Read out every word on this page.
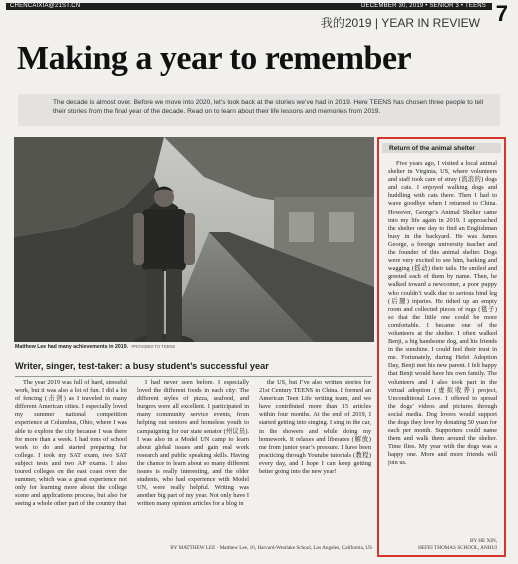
CHENCAIXIA@21ST.CN	DECEMBER 30, 2019 • SENIOR 3 • TEENS 7
我的2019 | YEAR IN REVIEW
Making a year to remember

The decade is almost over. Before we move into 2020, let’s look back at the stories we’ve had in 2019. Here TEENS has chosen three people to tell their stories from the final year of the decade. Read on to learn about their life lessons and memories from 2019.

Matthew Lee had many achievements in 2019. PROVIDED TO TEENS
Writer, singer, test-taker: a busy student’s successful year

The year 2019 was full of hard, stressful work, but it was also a lot of fun. I did a lot of fencing (击剑) as I traveled to many different American cities. I especially loved my summer national competition experience at Columbus, Ohio, where I was able to explore the city because I was there for more than a week. I had tons of school work to do and started preparing for college. I took my SAT exam, two SAT subject tests and two AP exams. I also toured colleges on the east coast over the summer, which was a great experience not only for learning more about the college scene and applications process, but also for seeing a whole other part of the country that

I had never seen before. I especially loved the different foods in each city: The different styles of pizza, seafood, and burgers were all excellent. I participated in many community service events, from helping out seniors and homeless youth to campaigning for our state senator (州议员). I was also in a Model UN camp to learn about global issues and gain real work research and public speaking skills. Having the chance to learn about so many different issues is really interesting, and the older students, who had experience with Model UN, were really helpful. Writing was another big part of my year. Not only have I written many opinion articles for a blog in

the US, but I’ve also written stories for 21st Century TEENS in China. I formed an American Teen Life writing team, and we have contributed more than 15 articles within four months. At the end of 2019, I started getting into singing. I sing in the car, in the showers and while doing my homework. It relaxes and liberates (解放) me from junior year’s pressure. I have been practicing through Youtube tutorials (教程) every day, and I hope I can keep getting better going into the new year!

BY MATTHEW LEE · Matthew Lee, 16, Harvard-Westlake School, Los Angeles, California, US
Return of the animal shelter

Five years ago, I visited a local animal shelter in Virginia, US, where volunteers and staff took care of stray (流浪的) dogs and cats. I enjoyed walking dogs and huddling with cats there. Then I had to wave goodbye when I returned to China. However, George’s Animal Shelter came into my life again in 2019. I approached the shelter one day to find an Englishman busy in the backyard. He was James George, a foreign university teacher and the founder of this animal shelter. Dogs were very excited to see him, barking and wagging (摇动) their tails. He smiled and greeted each of them by name. Then, he walked toward a newcomer, a poor puppy who couldn’t walk due to serious hind leg (后腿) injuries. He tidied up an empty room and collected pieces of rugs (毯子) so that the little one could be more comfortable. I became one of the volunteers at the shelter. I often walked Benji, a big handsome dog, and his friends in the sunshine. I could feel their trust in me. Fortunately, during Hefei Adoption Day, Benji met his new parent. I felt happy that Benji would have his own family. The volunteers and I also took part in the virtual adoption (虚拟收养) project, Unconditional Love. I offered to spread the dogs’ videos and pictures through social media. Dog lovers would support the dogs they love by donating 50 yuan for each per month. Supporters could name them and walk them around the shelter. Time flies. My year with the dogs was a happy one. More and more friends will join us.

BY HE XIN,
HEFEI THOMAS SCHOOL, ANHUI
